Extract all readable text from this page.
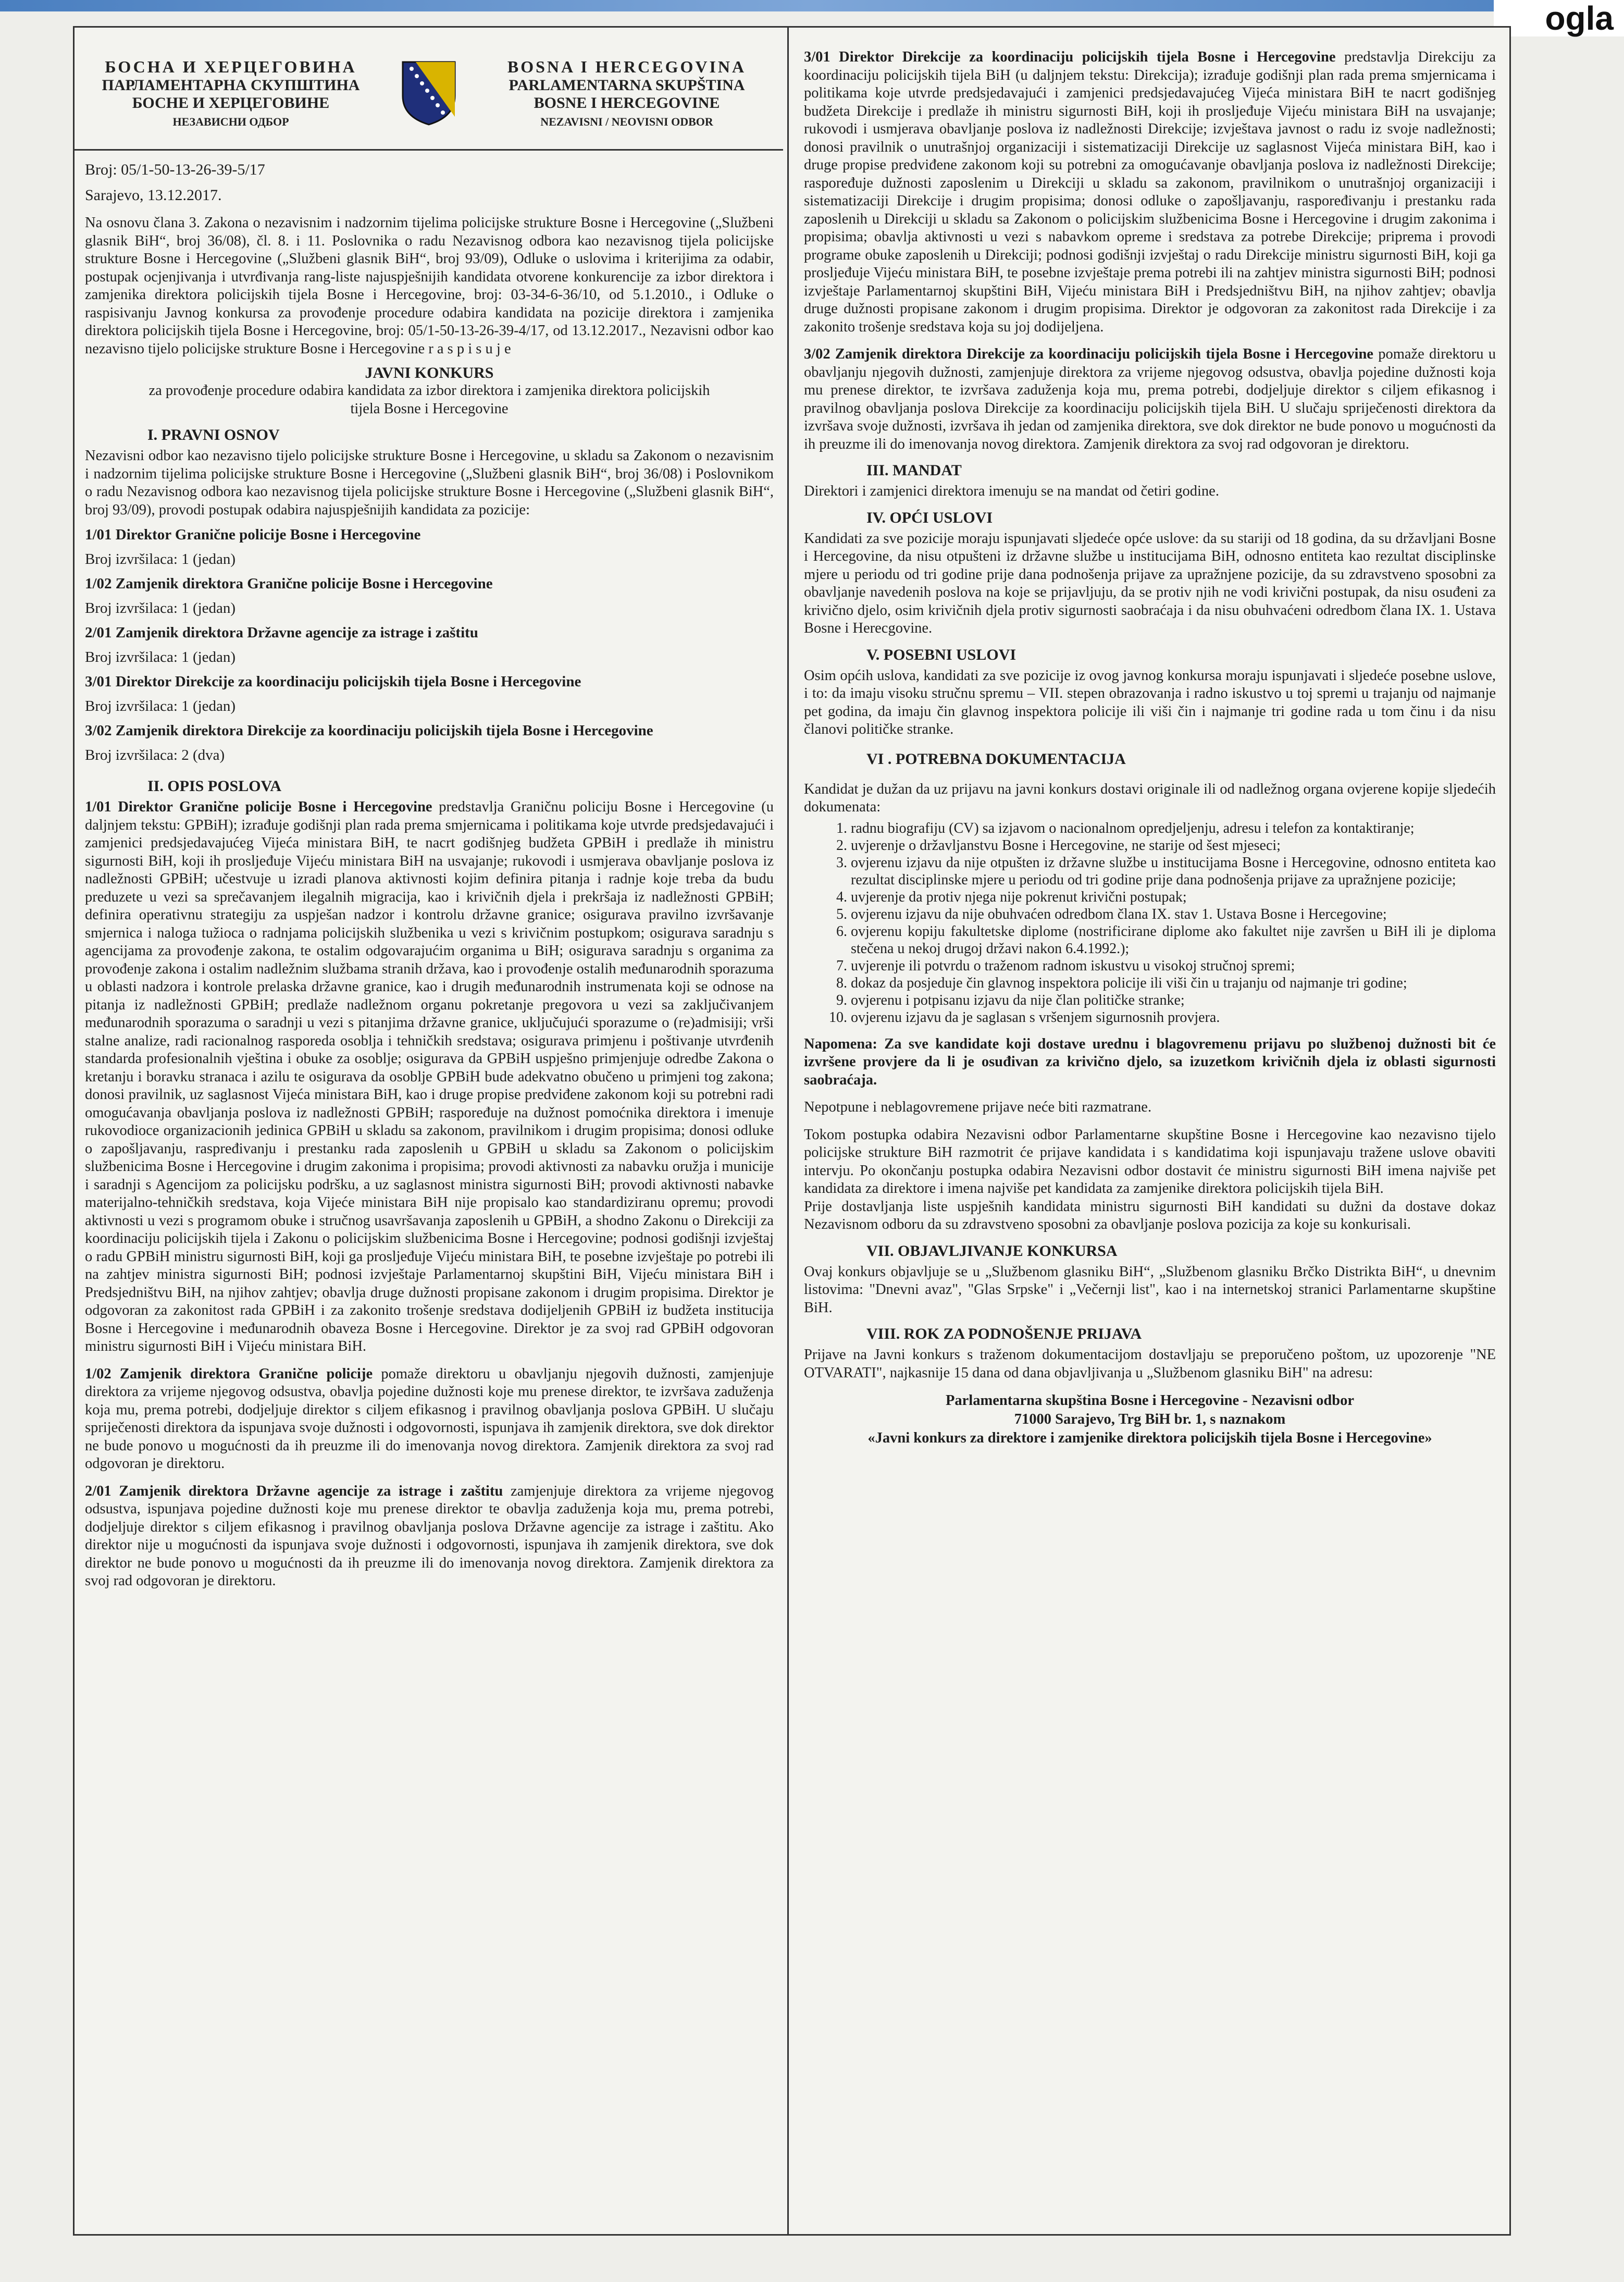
ogla
БОСНА И ХЕРЦЕГОВИНА
ПАРЛАМЕНТАРНА СКУПШТИНА
БОСНЕ И ХЕРЦЕГОВИНЕ
НЕЗАВИСНИ ОДБОР
BOSNA I HERCEGOVINA
PARLAMENTARNA SKUPŠTINA
BOSNE I HERCEGOVINE
NEZAVISNI / NEOVISNI ODBOR

Broj: 05/1-50-13-26-39-5/17

Sarajevo, 13.12.2017.

Na osnovu člana 3. Zakona o nezavisnim i nadzornim tijelima policijske strukture Bosne i Hercegovine („Službeni glasnik BiH“, broj 36/08), čl. 8. i 11. Poslovnika o radu Nezavisnog odbora kao nezavisnog tijela policijske strukture Bosne i Hercegovine („Službeni glasnik BiH“, broj 93/09), Odluke o uslovima i kriterijima za odabir, postupak ocjenjivanja i utvrđivanja rang-liste najuspješnijih kandidata otvorene konkurencije za izbor direktora i zamjenika direktora policijskih tijela Bosne i Hercegovine, broj: 03-34-6-36/10, od 5.1.2010., i Odluke o raspisivanju Javnog konkursa za provođenje procedure odabira kandidata na pozicije direktora i zamjenika direktora policijskih tijela Bosne i Hercegovine, broj: 05/1-50-13-26-39-4/17, od 13.12.2017., Nezavisni odbor kao nezavisno tijelo policijske strukture Bosne i Hercegovine r a s p i s u j e

JAVNI KONKURS

za provođenje procedure odabira kandidata za izbor direktora i zamjenika direktora policijskih tijela Bosne i Hercegovine

I. PRAVNI OSNOV

Nezavisni odbor kao nezavisno tijelo policijske strukture Bosne i Hercegovine, u skladu sa Zakonom o nezavisnim i nadzornim tijelima policijske strukture Bosne i Hercegovine („Službeni glasnik BiH“, broj 36/08) i Poslovnikom o radu Nezavisnog odbora kao nezavisnog tijela policijske strukture Bosne i Hercegovine („Službeni glasnik BiH“, broj 93/09), provodi postupak odabira najuspješnijih kandidata za pozicije:

1/01 Direktor Granične policije Bosne i Hercegovine

Broj izvršilaca: 1 (jedan)

1/02 Zamjenik direktora Granične policije Bosne i Hercegovine

Broj izvršilaca: 1 (jedan)

2/01 Zamjenik direktora Državne agencije za istrage i zaštitu

Broj izvršilaca: 1 (jedan)

3/01 Direktor Direkcije za koordinaciju policijskih tijela Bosne i Hercegovine

Broj izvršilaca: 1 (jedan)

3/02 Zamjenik direktora Direkcije za koordinaciju policijskih tijela Bosne i Hercegovine

Broj izvršilaca: 2 (dva)

II. OPIS POSLOVA

1/01 Direktor Granične policije Bosne i Hercegovine predstavlja Graničnu policiju Bosne i Hercegovine (u daljnjem tekstu: GPBiH); izrađuje godišnji plan rada prema smjernicama i politikama koje utvrde predsjedavajući i zamjenici predsjedavajućeg Vijeća ministara BiH, te nacrt godišnjeg budžeta GPBiH i predlaže ih ministru sigurnosti BiH, koji ih prosljeđuje Vijeću ministara BiH na usvajanje; rukovodi i usmjerava obavljanje poslova iz nadležnosti GPBiH; učestvuje u izradi planova aktivnosti kojim definira pitanja i radnje koje treba da budu preduzete u vezi sa sprečavanjem ilegalnih migracija, kao i krivičnih djela i prekršaja iz nadležnosti GPBiH; definira operativnu strategiju za uspješan nadzor i kontrolu državne granice; osigurava pravilno izvršavanje smjernica i naloga tužioca o radnjama policijskih službenika u vezi s krivičnim postupkom; osigurava saradnju s agencijama za provođenje zakona, te ostalim odgovarajućim organima u BiH; osigurava saradnju s organima za provođenje zakona i ostalim nadležnim službama stranih država, kao i provođenje ostalih međunarodnih sporazuma u oblasti nadzora i kontrole prelaska državne granice, kao i drugih međunarodnih instrumenata koji se odnose na pitanja iz nadležnosti GPBiH; predlaže nadležnom organu pokretanje pregovora u vezi sa zaključivanjem međunarodnih sporazuma o saradnji u vezi s pitanjima državne granice, uključujući sporazume o (re)admisiji; vrši stalne analize, radi racionalnog rasporeda osoblja i tehničkih sredstava; osigurava primjenu i poštivanje utvrđenih standarda profesionalnih vještina i obuke za osoblje; osigurava da GPBiH uspješno primjenjuje odredbe Zakona o kretanju i boravku stranaca i azilu te osigurava da osoblje GPBiH bude adekvatno obučeno u primjeni tog zakona; donosi pravilnik, uz saglasnost Vijeća ministara BiH, kao i druge propise predviđene zakonom koji su potrebni radi omogućavanja obavljanja poslova iz nadležnosti GPBiH; raspoređuje na dužnost pomoćnika direktora i imenuje rukovodioce organizacionih jedinica GPBiH u skladu sa zakonom, pravilnikom i drugim propisima; donosi odluke o zapošljavanju, raspređivanju i prestanku rada zaposlenih u GPBiH u skladu sa Zakonom o policijskim službenicima Bosne i Hercegovine i drugim zakonima i propisima; provodi aktivnosti za nabavku oružja i municije i saradnji s Agencijom za policijsku podršku, a uz saglasnost ministra sigurnosti BiH; provodi aktivnosti nabavke materijalno-tehničkih sredstava, koja Vijeće ministara BiH nije propisalo kao standardiziranu opremu; provodi aktivnosti u vezi s programom obuke i stručnog usavršavanja zaposlenih u GPBiH, a shodno Zakonu o Direkciji za koordinaciju policijskih tijela i Zakonu o policijskim službenicima Bosne i Hercegovine; podnosi godišnji izvještaj o radu GPBiH ministru sigurnosti BiH, koji ga prosljeđuje Vijeću ministara BiH, te posebne izvještaje po potrebi ili na zahtjev ministra sigurnosti BiH; podnosi izvještaje Parlamentarnoj skupštini BiH, Vijeću ministara BiH i Predsjedništvu BiH, na njihov zahtjev; obavlja druge dužnosti propisane zakonom i drugim propisima. Direktor je odgovoran za zakonitost rada GPBiH i za zakonito trošenje sredstava dodijeljenih GPBiH iz budžeta institucija Bosne i Hercegovine i međunarodnih obaveza Bosne i Hercegovine. Direktor je za svoj rad GPBiH odgovoran ministru sigurnosti BiH i Vijeću ministara BiH.

1/02 Zamjenik direktora Granične policije pomaže direktoru u obavljanju njegovih dužnosti, zamjenjuje direktora za vrijeme njegovog odsustva, obavlja pojedine dužnosti koje mu prenese direktor, te izvršava zaduženja koja mu, prema potrebi, dodjeljuje direktor s ciljem efikasnog i pravilnog obavljanja poslova GPBiH. U slučaju spriječenosti direktora da ispunjava svoje dužnosti i odgovornosti, ispunjava ih zamjenik direktora, sve dok direktor ne bude ponovo u mogućnosti da ih preuzme ili do imenovanja novog direktora. Zamjenik direktora za svoj rad odgovoran je direktoru.

2/01 Zamjenik direktora Državne agencije za istrage i zaštitu zamjenjuje direktora za vrijeme njegovog odsustva, ispunjava pojedine dužnosti koje mu prenese direktor te obavlja zaduženja koja mu, prema potrebi, dodjeljuje direktor s ciljem efikasnog i pravilnog obavljanja poslova Državne agencije za istrage i zaštitu. Ako direktor nije u mogućnosti da ispunjava svoje dužnosti i odgovornosti, ispunjava ih zamjenik direktora, sve dok direktor ne bude ponovo u mogućnosti da ih preuzme ili do imenovanja novog direktora. Zamjenik direktora za svoj rad odgovoran je direktoru.

3/01 Direktor Direkcije za koordinaciju policijskih tijela Bosne i Hercegovine predstavlja Direkciju za koordinaciju policijskih tijela BiH (u daljnjem tekstu: Direkcija); izrađuje godišnji plan rada prema smjernicama i politikama koje utvrde predsjedavajući i zamjenici predsjedavajućeg Vijeća ministara BiH te nacrt godišnjeg budžeta Direkcije i predlaže ih ministru sigurnosti BiH, koji ih prosljeđuje Vijeću ministara BiH na usvajanje; rukovodi i usmjerava obavljanje poslova iz nadležnosti Direkcije; izvještava javnost o radu iz svoje nadležnosti; donosi pravilnik o unutrašnjoj organizaciji i sistematizaciji Direkcije uz saglasnost Vijeća ministara BiH, kao i druge propise predviđene zakonom koji su potrebni za omogućavanje obavljanja poslova iz nadležnosti Direkcije; raspoređuje dužnosti zaposlenim u Direkciji u skladu sa zakonom, pravilnikom o unutrašnjoj organizaciji i sistematizaciji Direkcije i drugim propisima; donosi odluke o zapošljavanju, raspoređivanju i prestanku rada zaposlenih u Direkciji u skladu sa Zakonom o policijskim službenicima Bosne i Hercegovine i drugim zakonima i propisima; obavlja aktivnosti u vezi s nabavkom opreme i sredstava za potrebe Direkcije; priprema i provodi programe obuke zaposlenih u Direkciji; podnosi godišnji izvještaj o radu Direkcije ministru sigurnosti BiH, koji ga prosljeđuje Vijeću ministara BiH, te posebne izvještaje prema potrebi ili na zahtjev ministra sigurnosti BiH; podnosi izvještaje Parlamentarnoj skupštini BiH, Vijeću ministara BiH i Predsjedništvu BiH, na njihov zahtjev; obavlja druge dužnosti propisane zakonom i drugim propisima. Direktor je odgovoran za zakonitost rada Direkcije i za zakonito trošenje sredstava koja su joj dodijeljena.

3/02 Zamjenik direktora Direkcije za koordinaciju policijskih tijela Bosne i Hercegovine pomaže direktoru u obavljanju njegovih dužnosti, zamjenjuje direktora za vrijeme njegovog odsustva, obavlja pojedine dužnosti koja mu prenese direktor, te izvršava zaduženja koja mu, prema potrebi, dodjeljuje direktor s ciljem efikasnog i pravilnog obavljanja poslova Direkcije za koordinaciju policijskih tijela BiH. U slučaju spriječenosti direktora da izvršava svoje dužnosti, izvršava ih jedan od zamjenika direktora, sve dok direktor ne bude ponovo u mogućnosti da ih preuzme ili do imenovanja novog direktora. Zamjenik direktora za svoj rad odgovoran je direktoru.

III. MANDAT

Direktori i zamjenici direktora imenuju se na mandat od četiri godine.

IV. OPĆI USLOVI

Kandidati za sve pozicije moraju ispunjavati sljedeće opće uslove: da su stariji od 18 godina, da su državljani Bosne i Hercegovine, da nisu otpušteni iz državne službe u institucijama BiH, odnosno entiteta kao rezultat disciplinske mjere u periodu od tri godine prije dana podnošenja prijave za upražnjene pozicije, da su zdravstveno sposobni za obavljanje navedenih poslova na koje se prijavljuju, da se protiv njih ne vodi krivični postupak, da nisu osuđeni za krivično djelo, osim krivičnih djela protiv sigurnosti saobraćaja i da nisu obuhvaćeni odredbom člana IX. 1. Ustava Bosne i Herecgovine.

V. POSEBNI USLOVI

Osim općih uslova, kandidati za sve pozicije iz ovog javnog konkursa moraju ispunjavati i sljedeće posebne uslove, i to: da imaju visoku stručnu spremu – VII. stepen obrazovanja i radno iskustvo u toj spremi u trajanju od najmanje pet godina, da imaju čin glavnog inspektora policije ili viši čin i najmanje tri godine rada u tom činu i da nisu članovi političke stranke.

VI . POTREBNA DOKUMENTACIJA

Kandidat je dužan da uz prijavu na javni konkurs dostavi originale ili od nadležnog organa ovjerene kopije sljedećih dokumenata:

1. radnu biografiju (CV) sa izjavom o nacionalnom opredjeljenju, adresu i telefon za kontaktiranje;
2. uvjerenje o državljanstvu Bosne i Hercegovine, ne starije od šest mjeseci;
3. ovjerenu izjavu da nije otpušten iz državne službe u institucijama Bosne i Hercegovine, odnosno entiteta kao rezultat disciplinske mjere u periodu od tri godine prije dana podnošenja prijave za upražnjene pozicije;
4. uvjerenje da protiv njega nije pokrenut krivični postupak;
5. ovjerenu izjavu da nije obuhvaćen odredbom člana IX. stav 1. Ustava Bosne i Hercegovine;
6. ovjerenu kopiju fakultetske diplome (nostrificirane diplome ako fakultet nije završen u BiH ili je diploma stečena u nekoj drugoj državi nakon 6.4.1992.);
7. uvjerenje ili potvrdu o traženom radnom iskustvu u visokoj stručnoj spremi;
8. dokaz da posjeduje čin glavnog inspektora policije ili viši čin u trajanju od najmanje tri godine;
9. ovjerenu i potpisanu izjavu da nije član političke stranke;
10. ovjerenu izjavu da je saglasan s vršenjem sigurnosnih provjera.

Napomena: Za sve kandidate koji dostave urednu i blagovremenu prijavu po službenoj dužnosti bit će izvršene provjere da li je osuđivan za krivično djelo, sa izuzetkom krivičnih djela iz oblasti sigurnosti saobraćaja.

Nepotpune i neblagovremene prijave neće biti razmatrane.

Tokom postupka odabira Nezavisni odbor Parlamentarne skupštine Bosne i Hercegovine kao nezavisno tijelo policijske strukture BiH razmotrit će prijave kandidata i s kandidatima koji ispunjavaju tražene uslove obaviti intervju. Po okončanju postupka odabira Nezavisni odbor dostavit će ministru sigurnosti BiH imena najviše pet kandidata za direktore i imena najviše pet kandidata za zamjenike direktora policijskih tijela BiH.

Prije dostavljanja liste uspješnih kandidata ministru sigurnosti BiH kandidati su dužni da dostave dokaz Nezavisnom odboru da su zdravstveno sposobni za obavljanje poslova pozicija za koje su konkurisali.

VII. OBJAVLJIVANJE KONKURSA

Ovaj konkurs objavljuje se u „Službenom glasniku BiH“, „Službenom glasniku Brčko Distrikta BiH“, u dnevnim listovima: "Dnevni avaz", "Glas Srpske" i „Večernji list", kao i na internetskoj stranici Parlamentarne skupštine BiH.

VIII. ROK ZA PODNOŠENJE PRIJAVA

Prijave na Javni konkurs s traženom dokumentacijom dostavljaju se preporučeno poštom, uz upozorenje "NE OTVARATI", najkasnije 15 dana od dana objavljivanja u „Službenom glasniku BiH" na adresu:

Parlamentarna skupština Bosne i Hercegovine - Nezavisni odbor

71000 Sarajevo, Trg BiH br. 1, s naznakom

«Javni konkurs za direktore i zamjenike direktora policijskih tijela Bosne i Hercegovine»
